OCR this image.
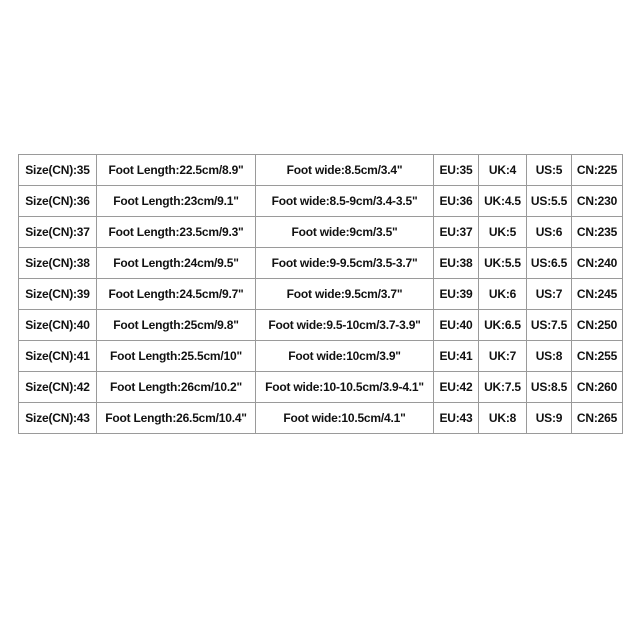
Size(CN):35	Foot Length:22.5cm/8.9"	Foot wide:8.5cm/3.4"	EU:35	UK:4	US:5	CN:225
Size(CN):36	Foot Length:23cm/9.1"	Foot wide:8.5-9cm/3.4-3.5"	EU:36	UK:4.5	US:5.5	CN:230
Size(CN):37	Foot Length:23.5cm/9.3"	Foot wide:9cm/3.5"	EU:37	UK:5	US:6	CN:235
Size(CN):38	Foot Length:24cm/9.5"	Foot wide:9-9.5cm/3.5-3.7"	EU:38	UK:5.5	US:6.5	CN:240
Size(CN):39	Foot Length:24.5cm/9.7"	Foot wide:9.5cm/3.7"	EU:39	UK:6	US:7	CN:245
Size(CN):40	Foot Length:25cm/9.8"	Foot wide:9.5-10cm/3.7-3.9"	EU:40	UK:6.5	US:7.5	CN:250
Size(CN):41	Foot Length:25.5cm/10"	Foot wide:10cm/3.9"	EU:41	UK:7	US:8	CN:255
Size(CN):42	Foot Length:26cm/10.2"	Foot wide:10-10.5cm/3.9-4.1"	EU:42	UK:7.5	US:8.5	CN:260
Size(CN):43	Foot Length:26.5cm/10.4"	Foot wide:10.5cm/4.1"	EU:43	UK:8	US:9	CN:265
